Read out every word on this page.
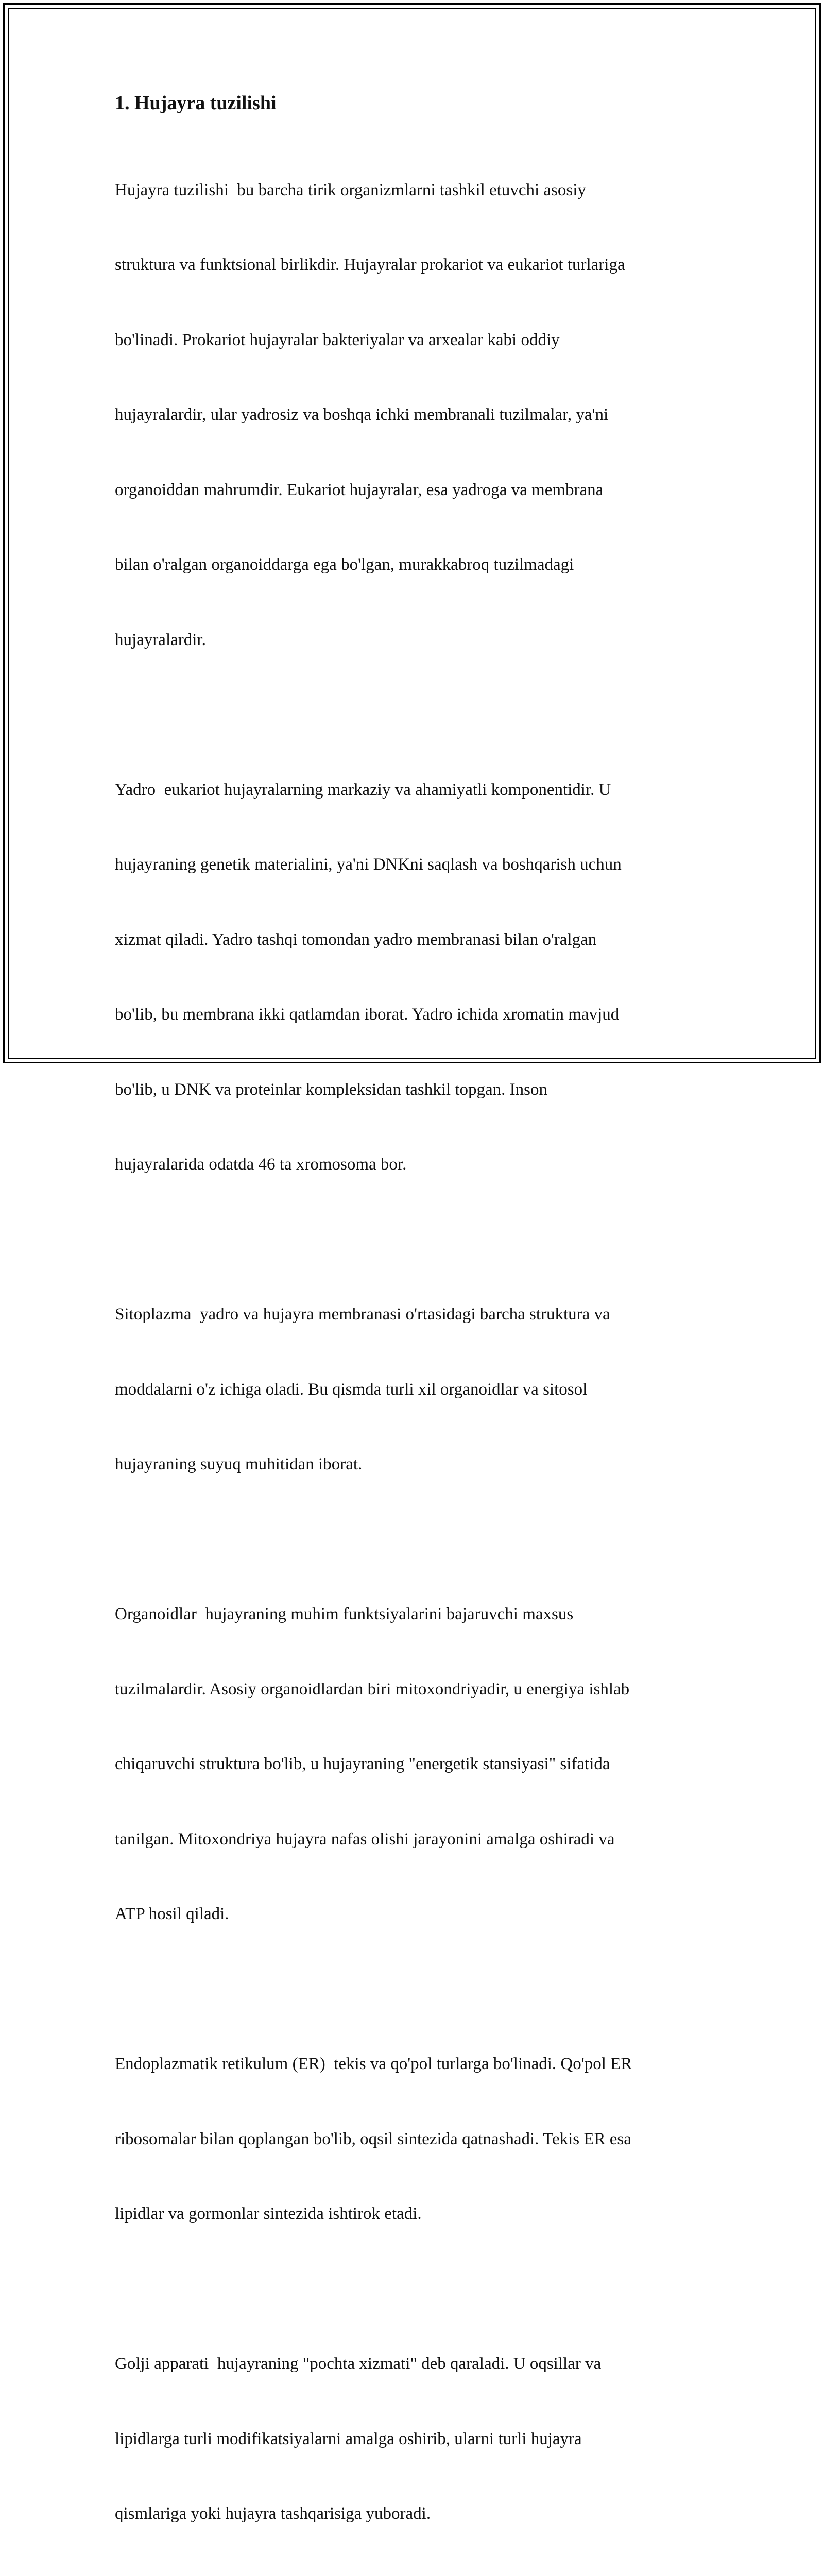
1. Hujayra tuzilishi

Hujayra tuzilishi  bu barcha tirik organizmlarni tashkil etuvchi asosiy

struktura va funktsional birlikdir. Hujayralar prokariot va eukariot turlariga

bo'linadi. Prokariot hujayralar bakteriyalar va arxealar kabi oddiy

hujayralardir, ular yadrosiz va boshqa ichki membranali tuzilmalar, ya'ni

organoiddan mahrumdir. Eukariot hujayralar, esa yadroga va membrana

bilan o'ralgan organoiddarga ega bo'lgan, murakkabroq tuzilmadagi

hujayralardir.

Yadro  eukariot hujayralarning markaziy va ahamiyatli komponentidir. U

hujayraning genetik materialini, ya'ni DNKni saqlash va boshqarish uchun

xizmat qiladi. Yadro tashqi tomondan yadro membranasi bilan o'ralgan

bo'lib, bu membrana ikki qatlamdan iborat. Yadro ichida xromatin mavjud

bo'lib, u DNK va proteinlar kompleksidan tashkil topgan. Inson

hujayralarida odatda 46 ta xromosoma bor.

Sitoplazma  yadro va hujayra membranasi o'rtasidagi barcha struktura va

moddalarni o'z ichiga oladi. Bu qismda turli xil organoidlar va sitosol

hujayraning suyuq muhitidan iborat.

Organoidlar  hujayraning muhim funktsiyalarini bajaruvchi maxsus

tuzilmalardir. Asosiy organoidlardan biri mitoxondriyadir, u energiya ishlab

chiqaruvchi struktura bo'lib, u hujayraning "energetik stansiyasi" sifatida

tanilgan. Mitoxondriya hujayra nafas olishi jarayonini amalga oshiradi va

ATP hosil qiladi.

Endoplazmatik retikulum (ER)  tekis va qo'pol turlarga bo'linadi. Qo'pol ER

ribosomalar bilan qoplangan bo'lib, oqsil sintezida qatnashadi. Tekis ER esa

lipidlar va gormonlar sintezida ishtirok etadi.

Golji apparati  hujayraning "pochta xizmati" deb qaraladi. U oqsillar va

lipidlarga turli modifikatsiyalarni amalga oshirib, ularni turli hujayra

qismlariga yoki hujayra tashqarisiga yuboradi.
